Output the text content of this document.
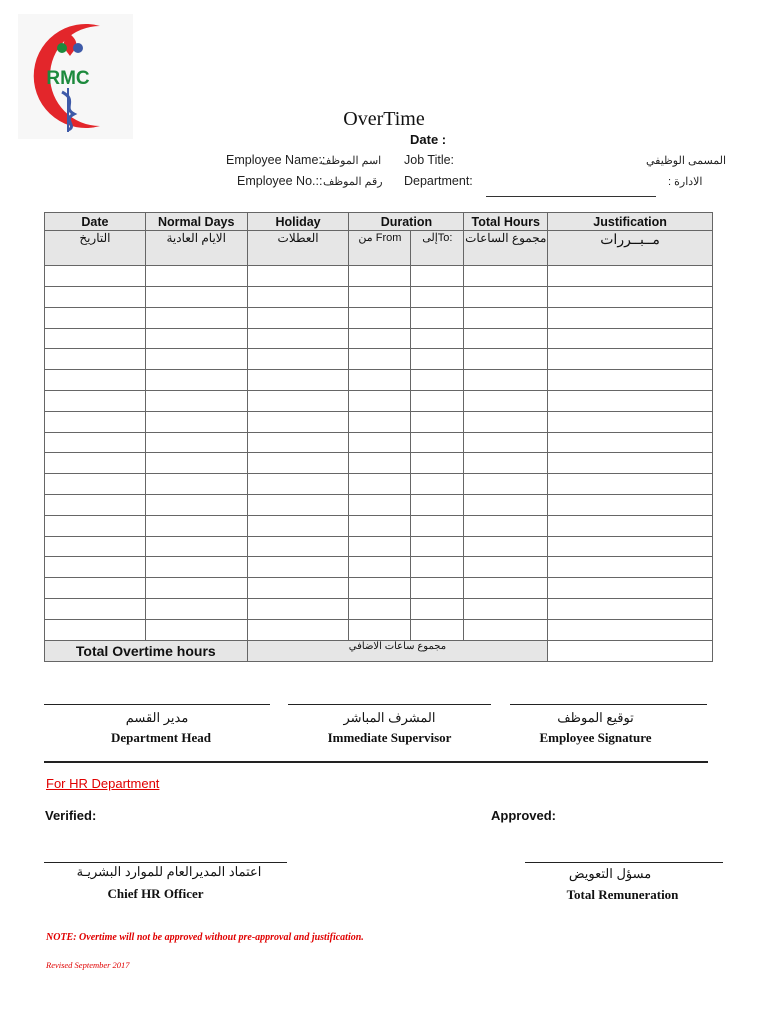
RMC
OverTime
Date :
Employee Name::
اسم الموظف
Employee No.:: رقم الموظف
Job Title:	المسمى الوظيفي
Department:	الادارة :
Date	Normal Days	Holiday	Duration		Total Hours	Justification
التاريخ	الايام العادية	العطلات	من From	إلىTo:	مجموع الساعات	مــبــررات

Total Overtime hours		مجموع ساعات الاضافي				
مدير القسم	المشرف المباشر	توقيع الموظف
Department Head	Immediate Supervisor	Employee Signature
For HR Department
Verified:	Approved:
اعتماد المديرالعام للموارد البشريـة
Chief HR Officer
مسؤل التعويض
Total Remuneration
NOTE: Overtime will not be approved without pre-approval and justification.
Revised September 2017
